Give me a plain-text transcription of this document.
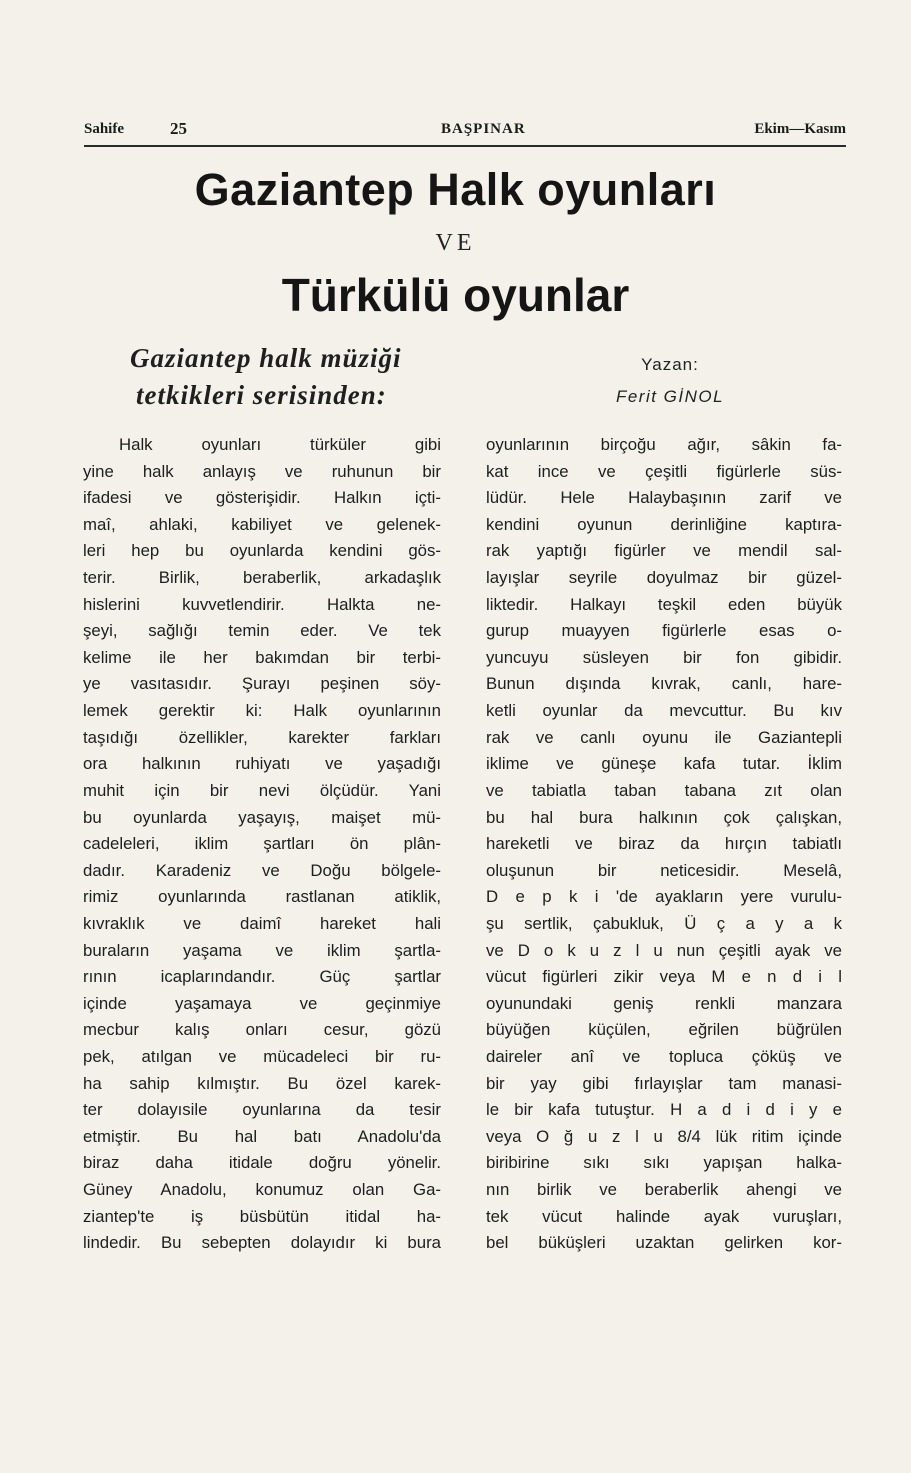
Sahife	25	BAŞPINAR	Ekim—Kasım
Gaziantep Halk oyunları
VE
Türkülü oyunlar
Gaziantep halk müziği
tetkikleri serisinden:
Yazan:
Ferit GİNOL
Halk oyunları türküler gibi
yine halk anlayış ve ruhunun bir
ifadesi ve gösterişidir. Halkın içti-
maî, ahlaki, kabiliyet ve gelenek-
leri hep bu oyunlarda kendini gös-
terir. Birlik, beraberlik, arkadaşlık
hislerini kuvvetlendirir. Halkta ne-
şeyi, sağlığı temin eder. Ve tek
kelime ile her bakımdan bir terbi-
ye vasıtasıdır. Şurayı peşinen söy-
lemek gerektir ki: Halk oyunlarının
taşıdığı özellikler, karekter farkları
ora halkının ruhiyatı ve yaşadığı
muhit için bir nevi ölçüdür. Yani
bu oyunlarda yaşayış, maişet mü-
cadeleleri, iklim şartları ön plân-
dadır. Karadeniz ve Doğu bölgele-
rimiz oyunlarında rastlanan atiklik,
kıvraklık ve daimî hareket hali
buraların yaşama ve iklim şartla-
rının icaplarındandır. Güç şartlar
içinde yaşamaya ve geçinmiye
mecbur kalış onları cesur, gözü
pek, atılgan ve mücadeleci bir ru-
ha sahip kılmıştır. Bu özel karek-
ter dolayısile oyunlarına da tesir
etmiştir. Bu hal batı Anadolu'da
biraz daha itidale doğru yönelir.
Güney Anadolu, konumuz olan Ga-
ziantep'te iş büsbütün itidal ha-
lindedir. Bu sebepten dolayıdır ki bura
oyunlarının birçoğu ağır, sâkin fa-
kat ince ve çeşitli figürlerle süs-
lüdür. Hele Halaybaşının zarif ve
kendini oyunun derinliğine kaptıra-
rak yaptığı figürler ve mendil sal-
layışlar seyrile doyulmaz bir güzel-
liktedir. Halkayı teşkil eden büyük
gurup muayyen figürlerle esas o-
yuncuyu süsleyen bir fon gibidir.
Bunun dışında kıvrak, canlı, hare-
ketli oyunlar da mevcuttur. Bu kıv
rak ve canlı oyunu ile Gaziantepli
iklime ve güneşe kafa tutar. İklim
ve tabiatla taban tabana zıt olan
bu hal bura halkının çok çalışkan,
hareketli ve biraz da hırçın tabiatlı
oluşunun bir neticesidir. Meselâ,
D e p k i 'de ayakların yere vurulu-
şu sertlik, çabukluk, Ü ç a y a k
ve D o k u z l u nun çeşitli ayak ve
vücut figürleri zikir veya M e n d i l
oyunundaki geniş renkli manzara
büyüğen küçülen, eğrilen büğrülen
daireler anî ve topluca çöküş ve
bir yay gibi fırlayışlar tam manasi-
le bir kafa tutuştur. H a d i d i y e
veya O ğ u z l u 8/4 lük ritim içinde
biribirine sıkı sıkı yapışan halka-
nın birlik ve beraberlik ahengi ve
tek vücut halinde ayak vuruşları,
bel büküşleri uzaktan gelirken kor-
